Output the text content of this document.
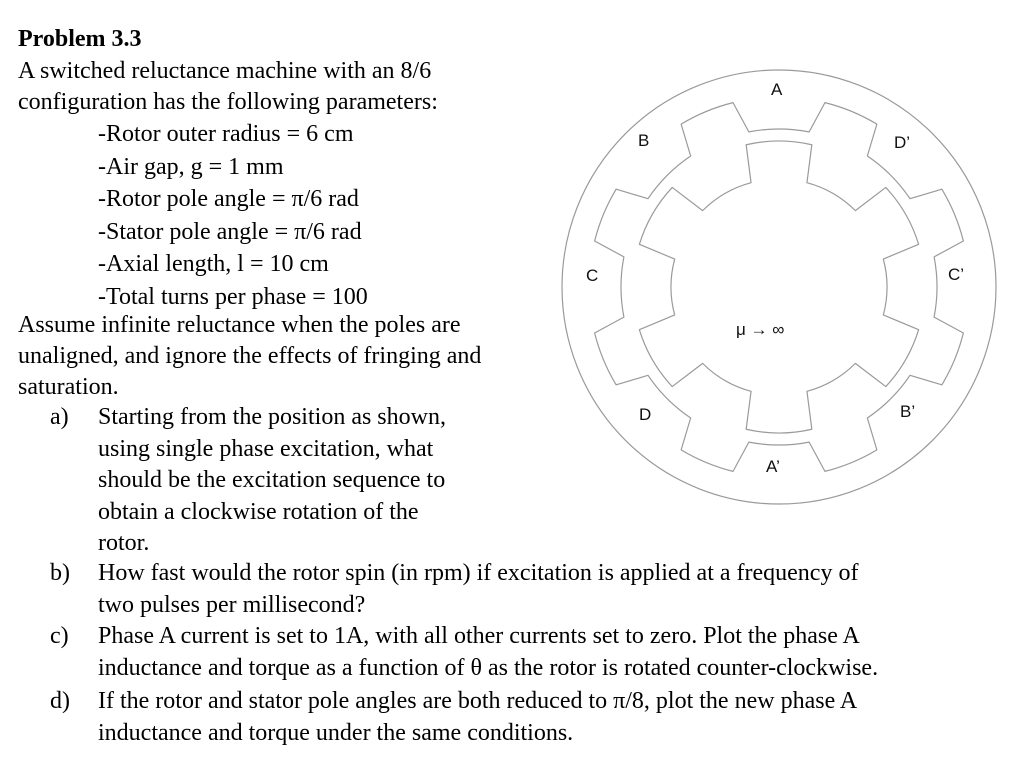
Problem 3.3
A switched reluctance machine with an 8/6 configuration has the following parameters:
-Rotor outer radius = 6 cm
-Air gap, g = 1 mm
-Rotor pole angle = π/6 rad
-Stator pole angle = π/6 rad
-Axial length, l = 10 cm
-Total turns per phase = 100
Assume infinite reluctance when the poles are unaligned, and ignore the effects of fringing and saturation.
a) Starting from the position as shown,
using single phase excitation, what
should be the excitation sequence to
obtain a clockwise rotation of the
rotor.
b) How fast would the rotor spin (in rpm) if excitation is applied at a frequency of
two pulses per millisecond?
c) Phase A current is set to 1A, with all other currents set to zero. Plot the phase A
inductance and torque as a function of θ as the rotor is rotated counter-clockwise.
d) If the rotor and stator pole angles are both reduced to π/8, plot the new phase A
inductance and torque under the same conditions.
A
B	D’
C	C’
D	B’
A’
μ → ∞
